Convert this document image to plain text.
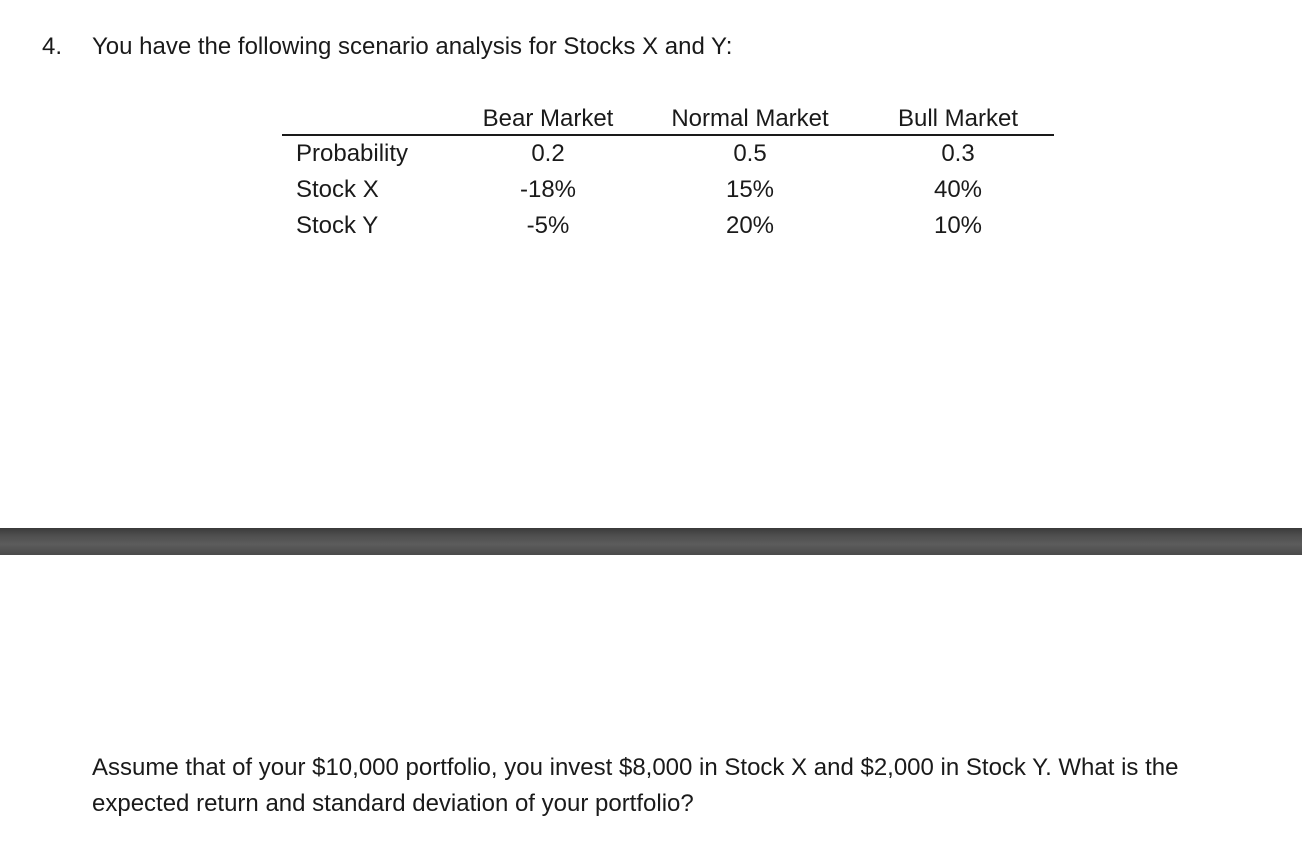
4. You have the following scenario analysis for Stocks X and Y:
	Bear Market	Normal Market	Bull Market
Probability	0.2	0.5	0.3
Stock X	-18%	15%	40%
Stock Y	-5%	20%	10%
Assume that of your $10,000 portfolio, you invest $8,000 in Stock X and $2,000 in Stock Y. What is the expected return and standard deviation of your portfolio?
